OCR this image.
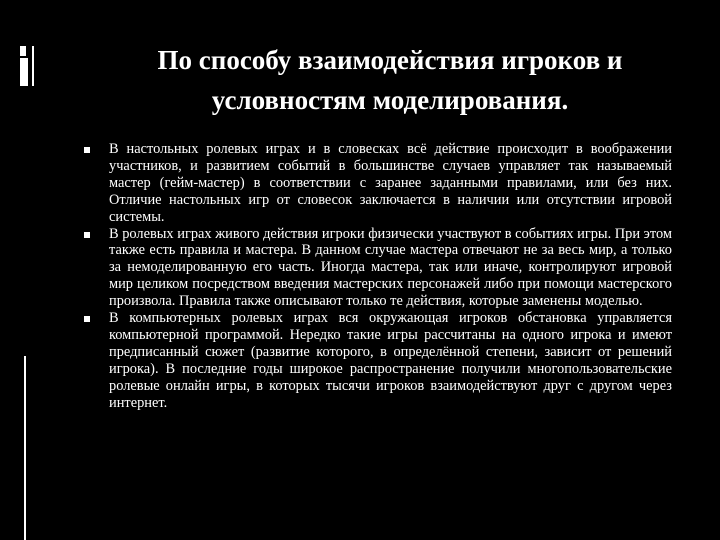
По способу взаимодействия игроков и условностям моделирования.
В настольных ролевых играх и в словесках всё действие происходит в воображении участников, и развитием событий в большинстве случаев управляет так называемый мастер (гейм-мастер) в соответствии с заранее заданными правилами, или без них. Отличие настольных игр от словесок заключается в наличии или отсутствии игровой системы.
В ролевых играх живого действия игроки физически участвуют в событиях игры. При этом также есть правила и мастера. В данном случае мастера отвечают не за весь мир, а только за немоделированную его часть. Иногда мастера, так или иначе, контролируют игровой мир целиком посредством введения мастерских персонажей либо при помощи мастерского произвола. Правила также описывают только те действия, которые заменены моделью.
В компьютерных ролевых играх вся окружающая игроков обстановка управляется компьютерной программой. Нередко такие игры рассчитаны на одного игрока и имеют предписанный сюжет (развитие которого, в определённой степени, зависит от решений игрока). В последние годы широкое распространение получили многопользовательские ролевые онлайн игры, в которых тысячи игроков взаимодействуют друг с другом через интернет.
